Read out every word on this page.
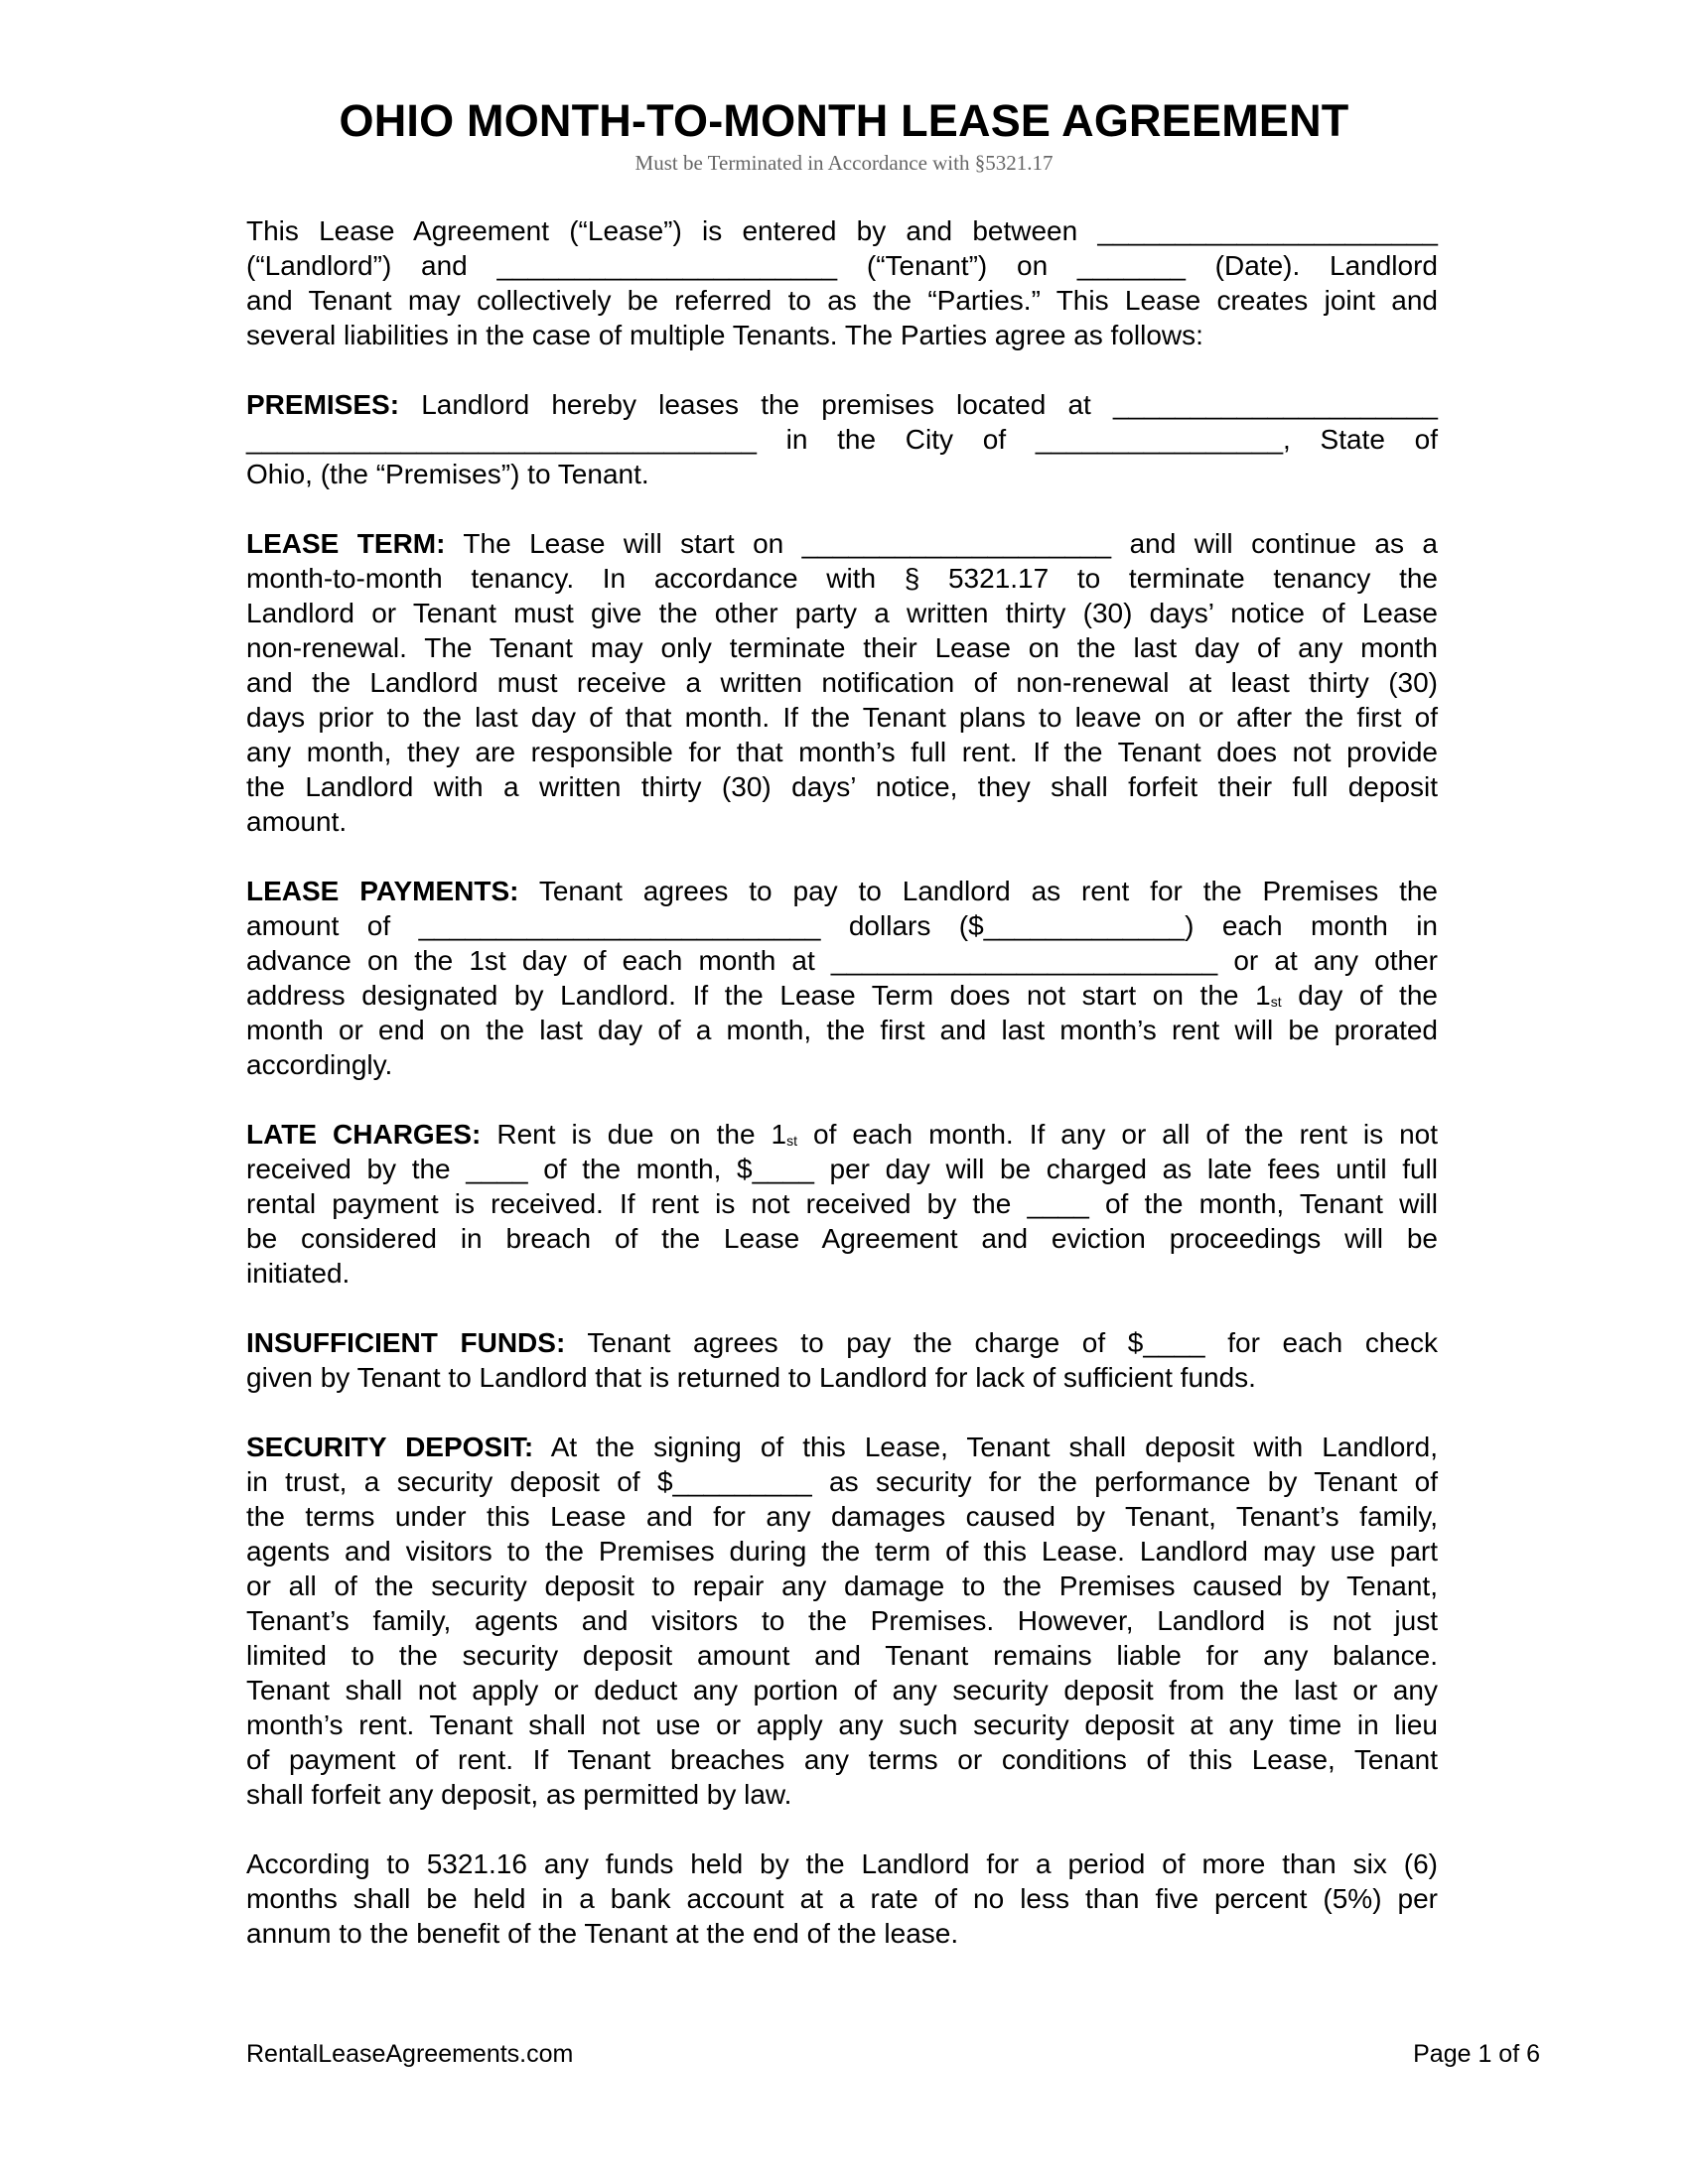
OHIO MONTH-TO-MONTH LEASE AGREEMENT
Must be Terminated in Accordance with §5321.17
This Lease Agreement (“Lease”) is entered by and between ______________________
(“Landlord”) and ______________________ (“Tenant”) on _______ (Date). Landlord
and Tenant may collectively be referred to as the “Parties.” This Lease creates joint and
several liabilities in the case of multiple Tenants. The Parties agree as follows:
PREMISES: Landlord hereby leases the premises located at _____________________
_________________________________ in the City of ________________, State of
Ohio, (the “Premises”) to Tenant.
LEASE TERM: The Lease will start on ____________________ and will continue as a
month-to-month tenancy. In accordance with § 5321.17 to terminate tenancy the
Landlord or Tenant must give the other party a written thirty (30) days’ notice of Lease
non-renewal. The Tenant may only terminate their Lease on the last day of any month
and the Landlord must receive a written notification of non-renewal at least thirty (30)
days prior to the last day of that month. If the Tenant plans to leave on or after the first of
any month, they are responsible for that month’s full rent. If the Tenant does not provide
the Landlord with a written thirty (30) days’ notice, they shall forfeit their full deposit
amount.
LEASE PAYMENTS: Tenant agrees to pay to Landlord as rent for the Premises the
amount of __________________________ dollars ($_____________) each month in
advance on the 1st day of each month at _________________________ or at any other
address designated by Landlord. If the Lease Term does not start on the 1st day of the
month or end on the last day of a month, the first and last month’s rent will be prorated
accordingly.
LATE CHARGES: Rent is due on the 1st of each month. If any or all of the rent is not
received by the ____ of the month, $____ per day will be charged as late fees until full
rental payment is received. If rent is not received by the ____ of the month, Tenant will
be considered in breach of the Lease Agreement and eviction proceedings will be
initiated.
INSUFFICIENT FUNDS: Tenant agrees to pay the charge of $____ for each check
given by Tenant to Landlord that is returned to Landlord for lack of sufficient funds.
SECURITY DEPOSIT: At the signing of this Lease, Tenant shall deposit with Landlord,
in trust, a security deposit of $_________ as security for the performance by Tenant of
the terms under this Lease and for any damages caused by Tenant, Tenant’s family,
agents and visitors to the Premises during the term of this Lease. Landlord may use part
or all of the security deposit to repair any damage to the Premises caused by Tenant,
Tenant’s family, agents and visitors to the Premises. However, Landlord is not just
limited to the security deposit amount and Tenant remains liable for any balance.
Tenant shall not apply or deduct any portion of any security deposit from the last or any
month’s rent. Tenant shall not use or apply any such security deposit at any time in lieu
of payment of rent. If Tenant breaches any terms or conditions of this Lease, Tenant
shall forfeit any deposit, as permitted by law.
According to 5321.16 any funds held by the Landlord for a period of more than six (6)
months shall be held in a bank account at a rate of no less than five percent (5%) per
annum to the benefit of the Tenant at the end of the lease.
RentalLeaseAgreements.com	Page 1 of 6
